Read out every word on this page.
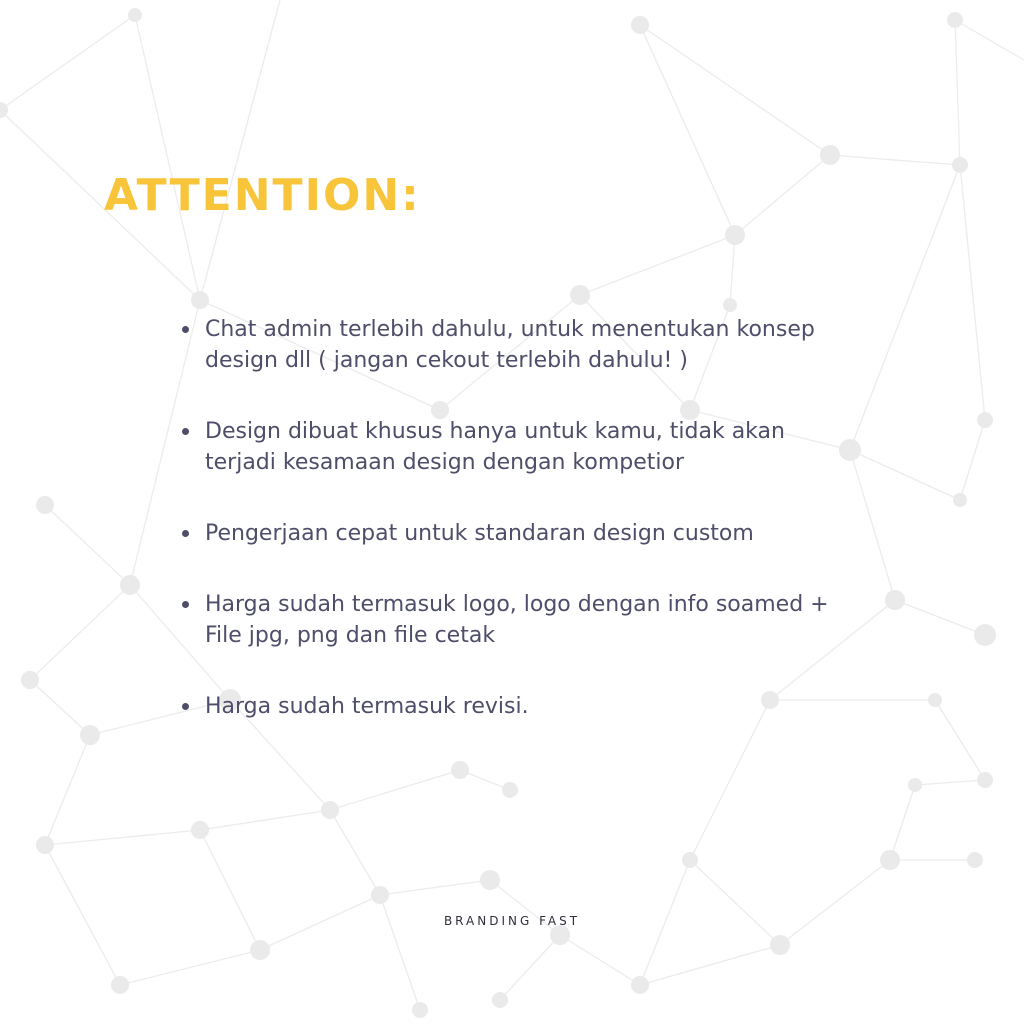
ATTENTION:
Chat admin terlebih dahulu, untuk menentukan konsep design dll ( jangan cekout terlebih dahulu! )
Design dibuat khusus hanya untuk kamu, tidak akan terjadi kesamaan design dengan kompetior
Pengerjaan cepat untuk standaran design custom
Harga sudah termasuk logo, logo dengan info soamed + File jpg, png dan file cetak
Harga sudah termasuk revisi.
BRANDING FAST
